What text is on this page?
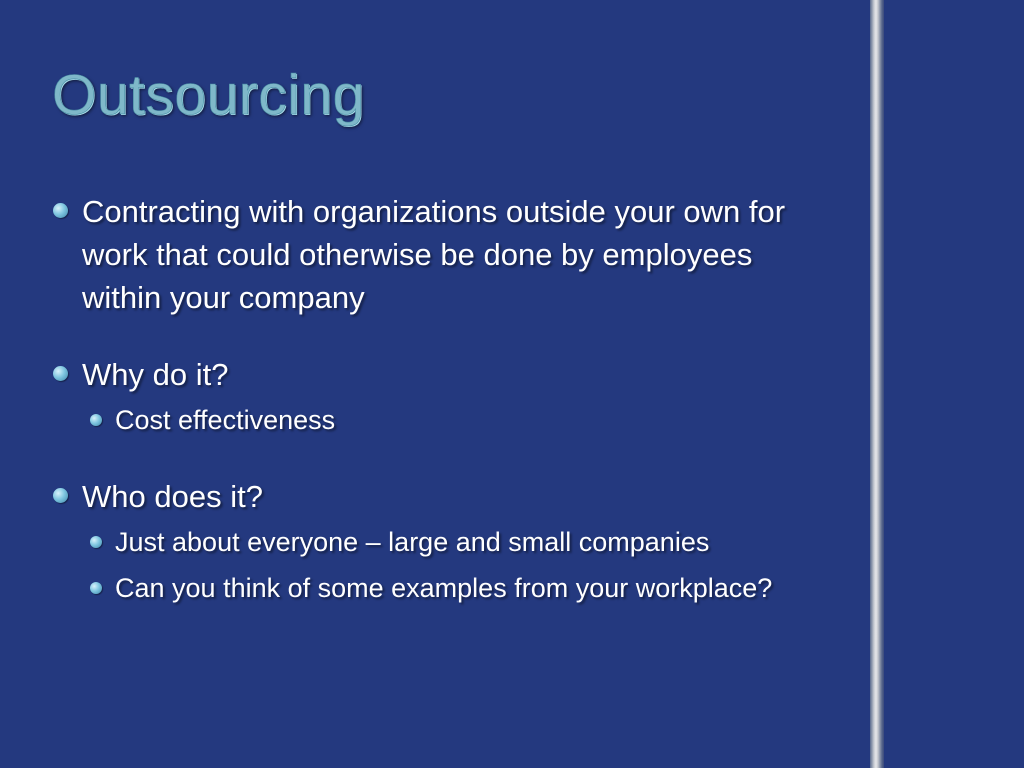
Outsourcing
Contracting with organizations outside your own for work that could otherwise be done by employees within your company
Why do it?
Cost effectiveness
Who does it?
Just about everyone – large and small companies
Can you think of some examples from your workplace?
